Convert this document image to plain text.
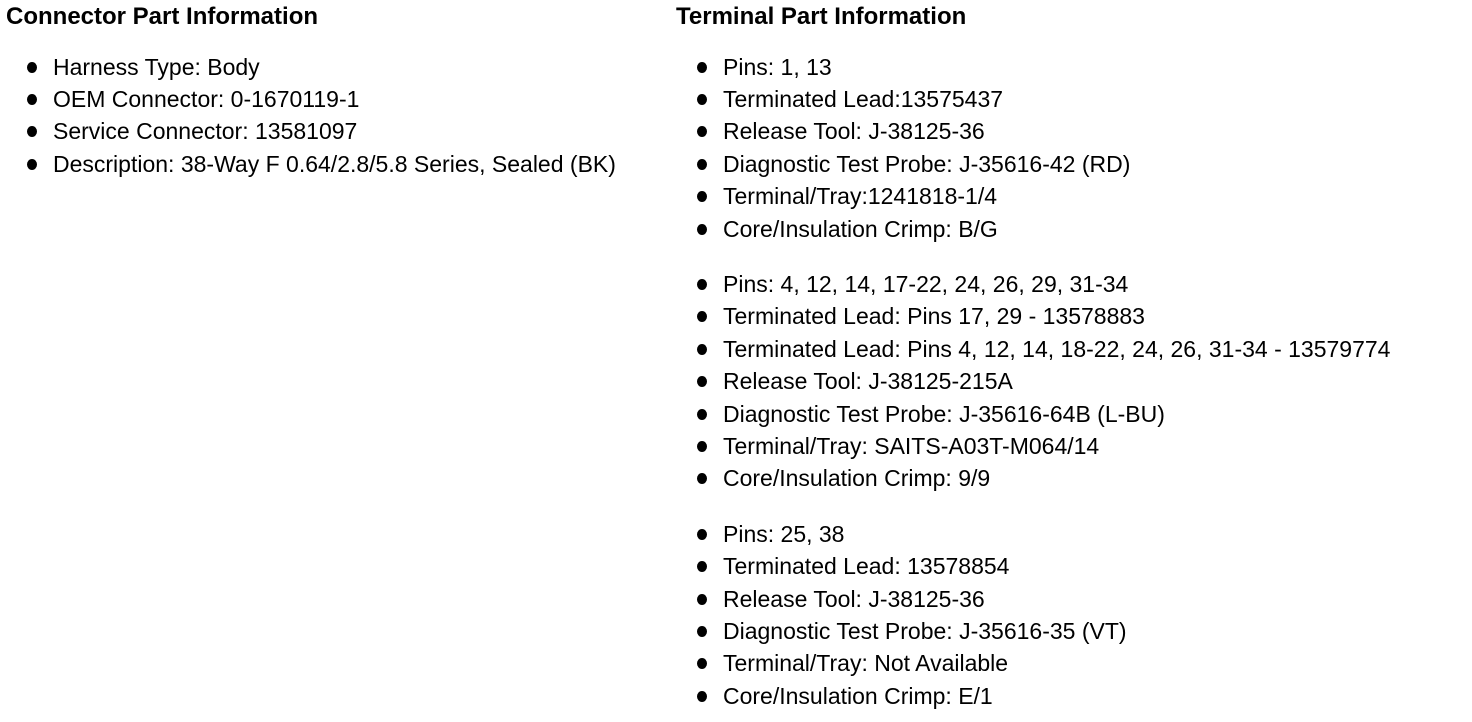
Connector Part Information
Harness Type: Body
OEM Connector: 0-1670119-1
Service Connector: 13581097
Description: 38-Way F 0.64/2.8/5.8 Series, Sealed (BK)
Terminal Part Information
Pins: 1, 13
Terminated Lead:13575437
Release Tool: J-38125-36
Diagnostic Test Probe: J-35616-42 (RD)
Terminal/Tray:1241818-1/4
Core/Insulation Crimp: B/G
Pins: 4, 12, 14, 17-22, 24, 26, 29, 31-34
Terminated Lead: Pins 17, 29 - 13578883
Terminated Lead: Pins 4, 12, 14, 18-22, 24, 26, 31-34 - 13579774
Release Tool: J-38125-215A
Diagnostic Test Probe: J-35616-64B (L-BU)
Terminal/Tray: SAITS-A03T-M064/14
Core/Insulation Crimp: 9/9
Pins: 25, 38
Terminated Lead: 13578854
Release Tool: J-38125-36
Diagnostic Test Probe: J-35616-35 (VT)
Terminal/Tray: Not Available
Core/Insulation Crimp: E/1
